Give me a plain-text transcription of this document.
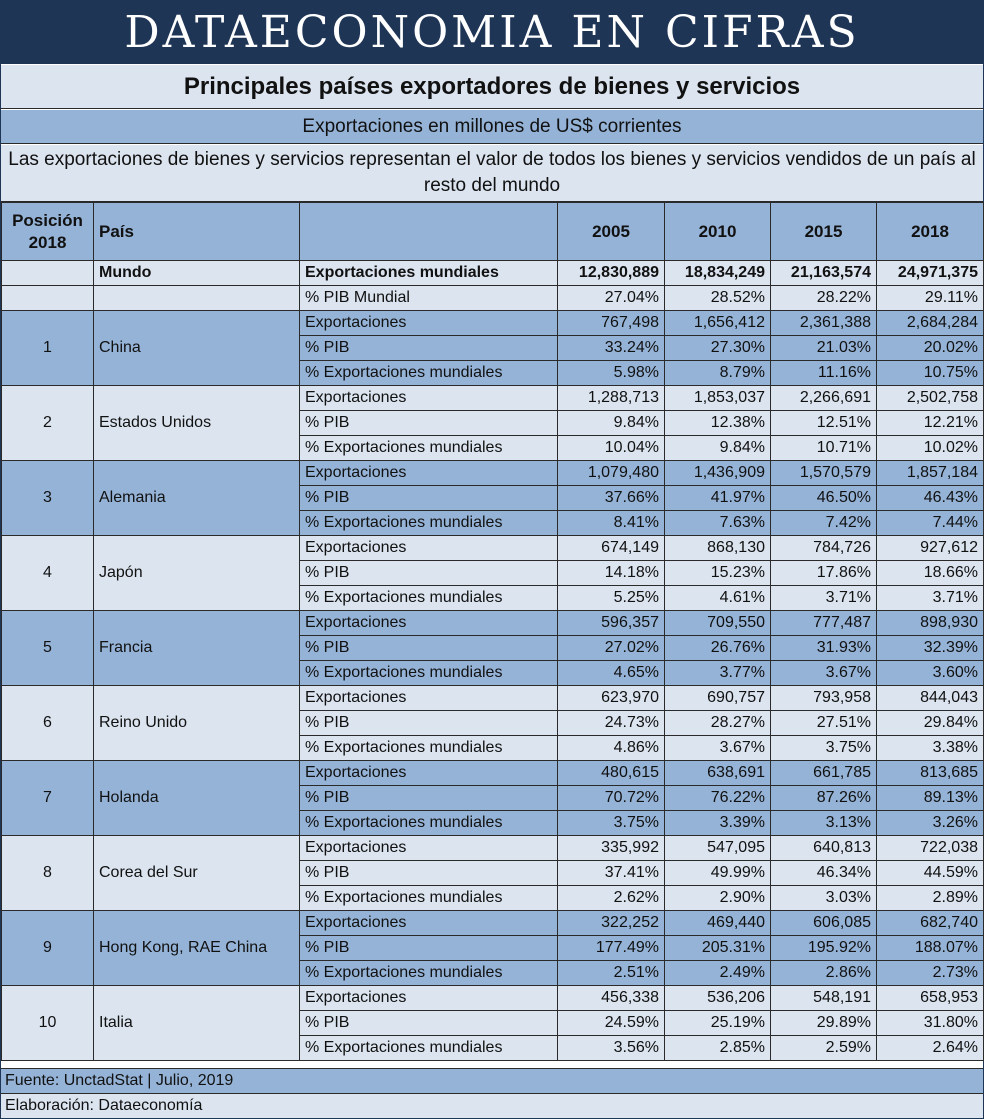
DATAECONOMIA EN CIFRAS
Principales países exportadores de bienes y servicios
Exportaciones en millones de US$ corrientes
Las exportaciones de bienes y servicios representan el valor de todos los bienes y servicios vendidos de un país al resto del mundo
Posición 2018	País		2005	2010	2015	2018
	Mundo	Exportaciones mundiales	12,830,889	18,834,249	21,163,574	24,971,375
		% PIB Mundial	27.04%	28.52%	28.22%	29.11%
1	China	Exportaciones	767,498	1,656,412	2,361,388	2,684,284
		% PIB	33.24%	27.30%	21.03%	20.02%
		% Exportaciones mundiales	5.98%	8.79%	11.16%	10.75%
2	Estados Unidos	Exportaciones	1,288,713	1,853,037	2,266,691	2,502,758
		% PIB	9.84%	12.38%	12.51%	12.21%
		% Exportaciones mundiales	10.04%	9.84%	10.71%	10.02%
3	Alemania	Exportaciones	1,079,480	1,436,909	1,570,579	1,857,184
		% PIB	37.66%	41.97%	46.50%	46.43%
		% Exportaciones mundiales	8.41%	7.63%	7.42%	7.44%
4	Japón	Exportaciones	674,149	868,130	784,726	927,612
		% PIB	14.18%	15.23%	17.86%	18.66%
		% Exportaciones mundiales	5.25%	4.61%	3.71%	3.71%
5	Francia	Exportaciones	596,357	709,550	777,487	898,930
		% PIB	27.02%	26.76%	31.93%	32.39%
		% Exportaciones mundiales	4.65%	3.77%	3.67%	3.60%
6	Reino Unido	Exportaciones	623,970	690,757	793,958	844,043
		% PIB	24.73%	28.27%	27.51%	29.84%
		% Exportaciones mundiales	4.86%	3.67%	3.75%	3.38%
7	Holanda	Exportaciones	480,615	638,691	661,785	813,685
		% PIB	70.72%	76.22%	87.26%	89.13%
		% Exportaciones mundiales	3.75%	3.39%	3.13%	3.26%
8	Corea del Sur	Exportaciones	335,992	547,095	640,813	722,038
		% PIB	37.41%	49.99%	46.34%	44.59%
		% Exportaciones mundiales	2.62%	2.90%	3.03%	2.89%
9	Hong Kong, RAE China	Exportaciones	322,252	469,440	606,085	682,740
		% PIB	177.49%	205.31%	195.92%	188.07%
		% Exportaciones mundiales	2.51%	2.49%	2.86%	2.73%
10	Italia	Exportaciones	456,338	536,206	548,191	658,953
		% PIB	24.59%	25.19%	29.89%	31.80%
		% Exportaciones mundiales	3.56%	2.85%	2.59%	2.64%
Fuente: UnctadStat | Julio, 2019
Elaboración: Dataeconomía
